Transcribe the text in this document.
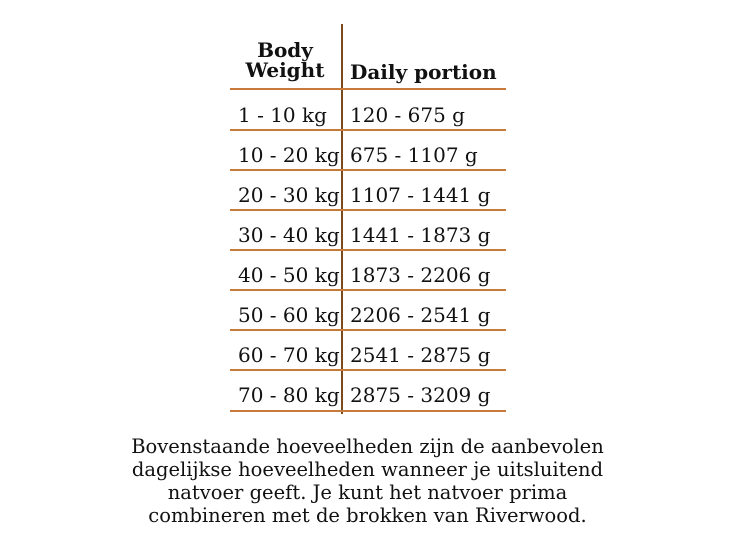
Body
Weight	Daily portion
1 - 10 kg 120 - 675 g
10 - 20 kg 675 - 1107 g
20 - 30 kg 1107 - 1441 g
30 - 40 kg 1441 - 1873 g
40 - 50 kg 1873 - 2206 g
50 - 60 kg 2206 - 2541 g
60 - 70 kg 2541 - 2875 g
70 - 80 kg 2875 - 3209 g
Bovenstaande hoeveelheden zijn de aanbevolen
dagelijkse hoeveelheden wanneer je uitsluitend
natvoer geeft. Je kunt het natvoer prima
combineren met de brokken van Riverwood.
